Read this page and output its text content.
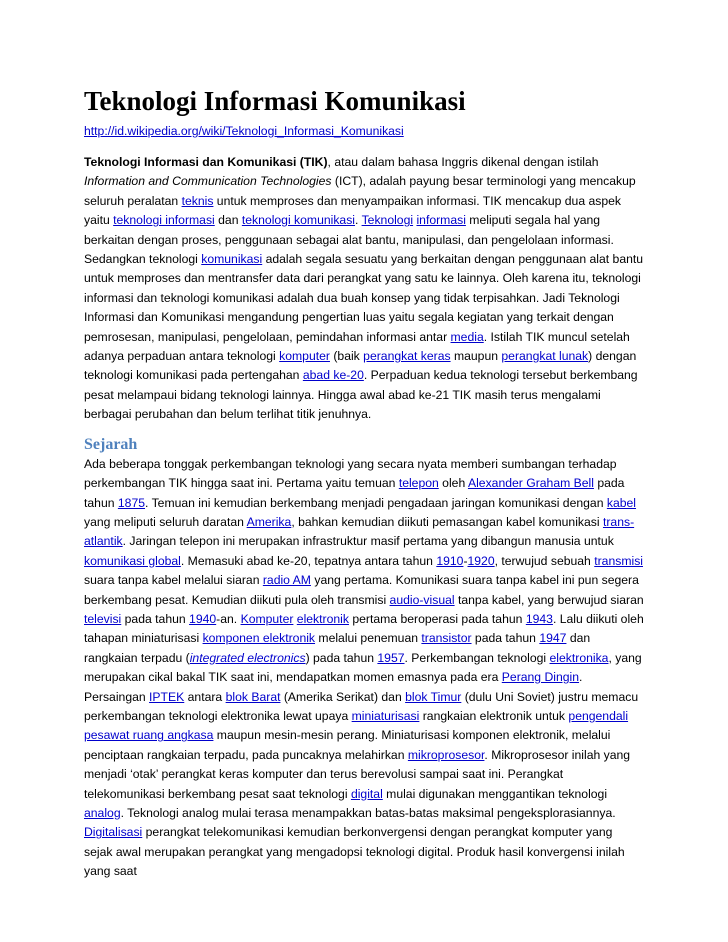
Teknologi Informasi Komunikasi
http://id.wikipedia.org/wiki/Teknologi_Informasi_Komunikasi

Teknologi Informasi dan Komunikasi (TIK), atau dalam bahasa Inggris dikenal dengan istilah Information and Communication Technologies (ICT), adalah payung besar terminologi yang mencakup seluruh peralatan teknis untuk memproses dan menyampaikan informasi. TIK mencakup dua aspek yaitu teknologi informasi dan teknologi komunikasi. Teknologi informasi meliputi segala hal yang berkaitan dengan proses, penggunaan sebagai alat bantu, manipulasi, dan pengelolaan informasi. Sedangkan teknologi komunikasi adalah segala sesuatu yang berkaitan dengan penggunaan alat bantu untuk memproses dan mentransfer data dari perangkat yang satu ke lainnya. Oleh karena itu, teknologi informasi dan teknologi komunikasi adalah dua buah konsep yang tidak terpisahkan. Jadi Teknologi Informasi dan Komunikasi mengandung pengertian luas yaitu segala kegiatan yang terkait dengan pemrosesan, manipulasi, pengelolaan, pemindahan informasi antar media. Istilah TIK muncul setelah adanya perpaduan antara teknologi komputer (baik perangkat keras maupun perangkat lunak) dengan teknologi komunikasi pada pertengahan abad ke-20. Perpaduan kedua teknologi tersebut berkembang pesat melampaui bidang teknologi lainnya. Hingga awal abad ke-21 TIK masih terus mengalami berbagai perubahan dan belum terlihat titik jenuhnya.

Sejarah

Ada beberapa tonggak perkembangan teknologi yang secara nyata memberi sumbangan terhadap perkembangan TIK hingga saat ini. Pertama yaitu temuan telepon oleh Alexander Graham Bell pada tahun 1875. Temuan ini kemudian berkembang menjadi pengadaan jaringan komunikasi dengan kabel yang meliputi seluruh daratan Amerika, bahkan kemudian diikuti pemasangan kabel komunikasi trans-atlantik. Jaringan telepon ini merupakan infrastruktur masif pertama yang dibangun manusia untuk komunikasi global. Memasuki abad ke-20, tepatnya antara tahun 1910-1920, terwujud sebuah transmisi suara tanpa kabel melalui siaran radio AM yang pertama. Komunikasi suara tanpa kabel ini pun segera berkembang pesat. Kemudian diikuti pula oleh transmisi audio-visual tanpa kabel, yang berwujud siaran televisi pada tahun 1940-an. Komputer elektronik pertama beroperasi pada tahun 1943. Lalu diikuti oleh tahapan miniaturisasi komponen elektronik melalui penemuan transistor pada tahun 1947 dan rangkaian terpadu (integrated electronics) pada tahun 1957. Perkembangan teknologi elektronika, yang merupakan cikal bakal TIK saat ini, mendapatkan momen emasnya pada era Perang Dingin. Persaingan IPTEK antara blok Barat (Amerika Serikat) dan blok Timur (dulu Uni Soviet) justru memacu perkembangan teknologi elektronika lewat upaya miniaturisasi rangkaian elektronik untuk pengendali pesawat ruang angkasa maupun mesin-mesin perang. Miniaturisasi komponen elektronik, melalui penciptaan rangkaian terpadu, pada puncaknya melahirkan mikroprosesor. Mikroprosesor inilah yang menjadi ‘otak’ perangkat keras komputer dan terus berevolusi sampai saat ini. Perangkat telekomunikasi berkembang pesat saat teknologi digital mulai digunakan menggantikan teknologi analog. Teknologi analog mulai terasa menampakkan batas-batas maksimal pengeksplorasiannya. Digitalisasi perangkat telekomunikasi kemudian berkonvergensi dengan perangkat komputer yang sejak awal merupakan perangkat yang mengadopsi teknologi digital. Produk hasil konvergensi inilah yang saat
